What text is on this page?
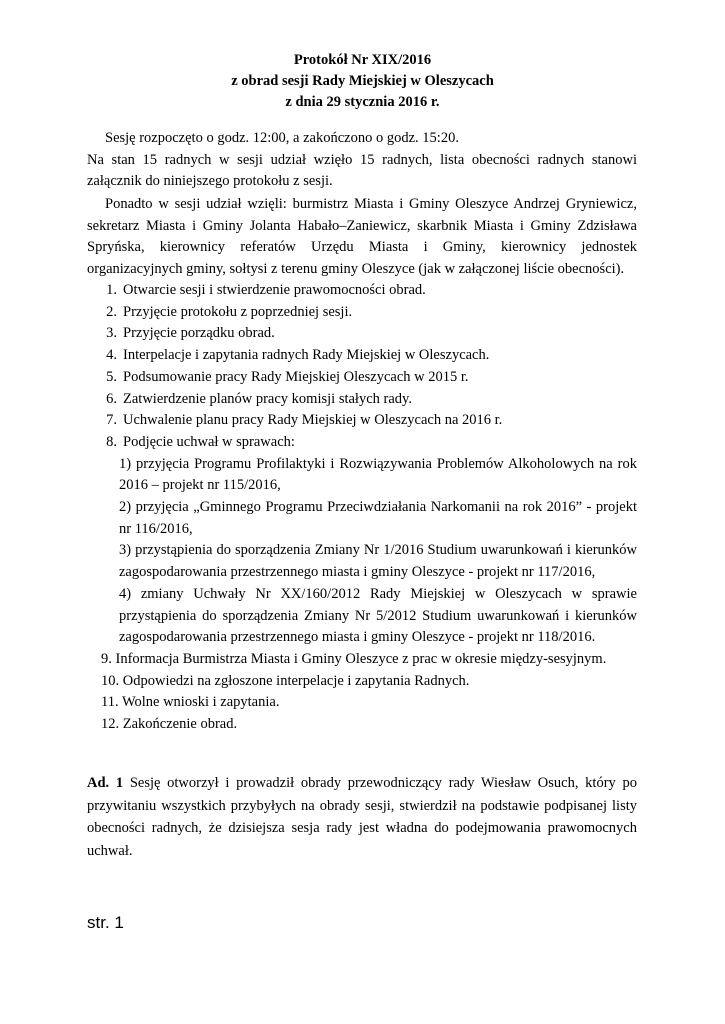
Protokół Nr XIX/2016
z obrad sesji Rady Miejskiej w Oleszycach
z dnia 29 stycznia 2016 r.
Sesję rozpoczęto o godz. 12:00, a zakończono o godz. 15:20.
Na stan 15 radnych w sesji udział wzięło 15 radnych, lista obecności radnych stanowi załącznik do niniejszego protokołu z sesji.
Ponadto w sesji udział wzięli: burmistrz Miasta i Gminy Oleszyce Andrzej Gryniewicz, sekretarz Miasta i Gminy Jolanta Habało–Zaniewicz, skarbnik Miasta i Gminy Zdzisława Spryńska, kierownicy referatów Urzędu Miasta i Gminy, kierownicy jednostek organizacyjnych gminy, sołtysi z terenu gminy Oleszyce (jak w załączonej liście obecności).
1. Otwarcie sesji i stwierdzenie prawomocności obrad.
2. Przyjęcie protokołu z poprzedniej sesji.
3. Przyjęcie porządku obrad.
4. Interpelacje i zapytania radnych Rady Miejskiej w Oleszycach.
5. Podsumowanie pracy Rady Miejskiej Oleszycach w 2015 r.
6. Zatwierdzenie planów pracy komisji stałych rady.
7. Uchwalenie planu pracy Rady Miejskiej w Oleszycach na 2016 r.
8. Podjęcie uchwał w sprawach:
1) przyjęcia Programu Profilaktyki i Rozwiązywania Problemów Alkoholowych na rok 2016 – projekt nr 115/2016,
2) przyjęcia „Gminnego Programu Przeciwdziałania Narkomanii na rok 2016” - projekt nr 116/2016,
3) przystąpienia do sporządzenia Zmiany Nr 1/2016 Studium uwarunkowań i kierunków zagospodarowania przestrzennego miasta i gminy Oleszyce - projekt nr 117/2016,
4) zmiany Uchwały Nr XX/160/2012 Rady Miejskiej w Oleszycach w sprawie przystąpienia do sporządzenia Zmiany Nr 5/2012 Studium uwarunkowań i kierunków zagospodarowania przestrzennego miasta i gminy Oleszyce - projekt nr 118/2016.
9. Informacja Burmistrza Miasta i Gminy Oleszyce z prac w okresie między-sesyjnym.
10. Odpowiedzi na zgłoszone interpelacje i zapytania Radnych.
11. Wolne wnioski i zapytania.
12. Zakończenie obrad.
Ad. 1 Sesję otworzył i prowadził obrady przewodniczący rady Wiesław Osuch, który po przywitaniu wszystkich przybyłych na obrady sesji, stwierdził na podstawie podpisanej listy obecności radnych, że dzisiejsza sesja rady jest władna do podejmowania prawomocnych uchwał.
str. 1
